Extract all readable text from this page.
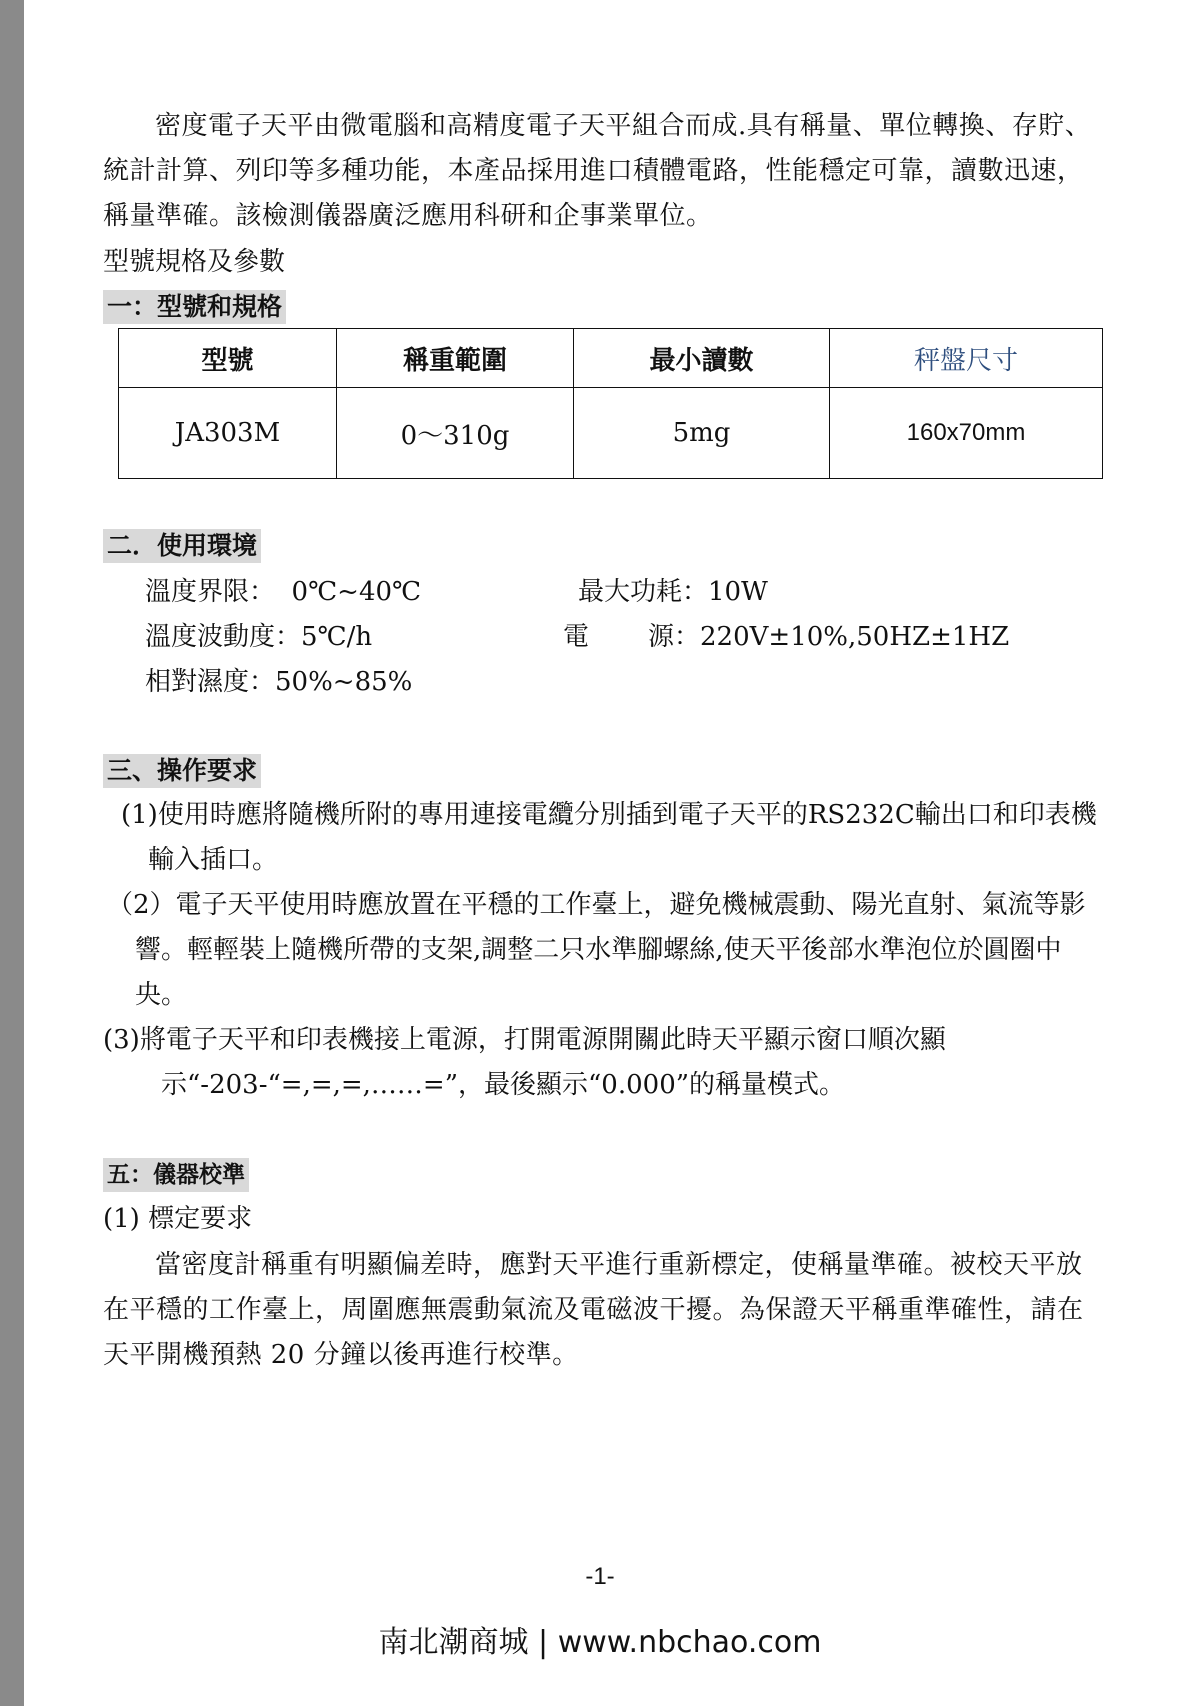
密度電子天平由微電腦和高精度電子天平組合而成.具有稱量、單位轉換、存貯、統計計算、列印等多種功能，本產品採用進口積體電路，性能穩定可靠，讀數迅速，稱量準確。該檢測儀器廣泛應用科研和企事業單位。

型號規格及參數
一：型號和規格
型號	稱重範圍	最小讀數	秤盤尺寸
JA303M	0～310g	5mg	160x70mm
二．使用環境
溫度界限：  0℃~40℃	最大功耗：10W
溫度波動度：5℃/h	電 源：220V±10%,50HZ±1HZ
相對濕度：50%~85%
三、操作要求

(1)使用時應將隨機所附的專用連接電纜分別插到電子天平的RS232C輸出口和印表機輸入插口。

（2）電子天平使用時應放置在平穩的工作臺上，避免機械震動、陽光直射、氣流等影響。輕輕裝上隨機所帶的支架,調整二只水準腳螺絲,使天平後部水準泡位於圓圈中央。

(3)將電子天平和印表機接上電源，打開電源開關此時天平顯示窗口順次顯示“-203-“=,=,=,……=”，最後顯示“0.000”的稱量模式。

五：儀器校準
(1) 標定要求

當密度計稱重有明顯偏差時，應對天平進行重新標定，使稱量準確。被校天平放在平穩的工作臺上，周圍應無震動氣流及電磁波干擾。為保證天平稱重準確性，請在天平開機預熱 20 分鐘以後再進行校準。

-1-
南北潮商城 | www.nbchao.com
